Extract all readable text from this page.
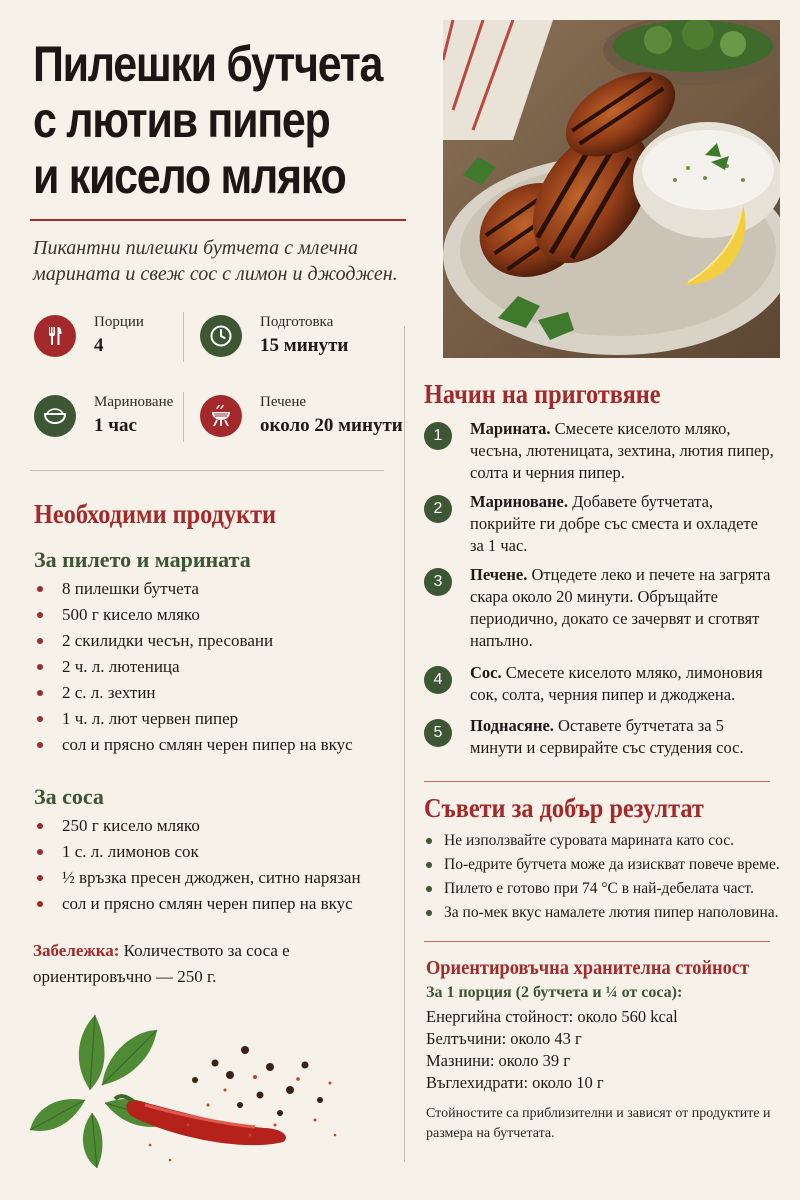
Пилешки бутчета
с лютив пипер
и кисело мляко

Пикантни пилешки бутчета с млечна
марината и свеж сос с лимон и джоджен.

Порции
4
Подготовка
15 минути
Мариноване
1 час
Печене
около 20 минути
Необходими продукти
За пилето и марината
8 пилешки бутчета
500 г кисело мляко
2 скилидки чесън, пресовани
2 ч. л. лютеница
2 с. л. зехтин
1 ч. л. лют червен пипер
сол и прясно смлян черен пипер на вкус
За соса
250 г кисело мляко
1 с. л. лимонов сок
½ връзка пресен джоджен, ситно нарязан
сол и прясно смлян черен пипер на вкус

Забележка: Количеството за соса е ориентировъчно — 250 г.

Начин на приготвяне
1	Марината. Смесете киселото мляко, чесъна, лютеницата, зехтина, лютия пипер, солта и черния пипер.
2	Мариноване. Добавете бутчетата, покрийте ги добре със сместа и охладете за 1 час.
3	Печене. Отцедете леко и печете на загрята скара около 20 минути. Обръщайте периодично, докато се зачервят и сготвят напълно.
4	Сос. Смесете киселото мляко, лимоновия сок, солта, черния пипер и джоджена.
5	Поднасяне. Оставете бутчетата за 5 минути и сервирайте със студения сос.
Съвети за добър резултат
Не използвайте суровата марината като сос.
По-едрите бутчета може да изискват повече време.
Пилето е готово при 74 °C в най-дебелата част.
За по-мек вкус намалете лютия пипер наполовина.
Ориентировъчна хранителна стойност
За 1 порция (2 бутчета и ¼ от соса):
Енергийна стойност: около 560 kcal
Белтъчини: около 43 г
Мазнини: около 39 г
Въглехидрати: около 10 г

Стойностите са приблизителни и зависят от продуктите и размера на бутчетата.
